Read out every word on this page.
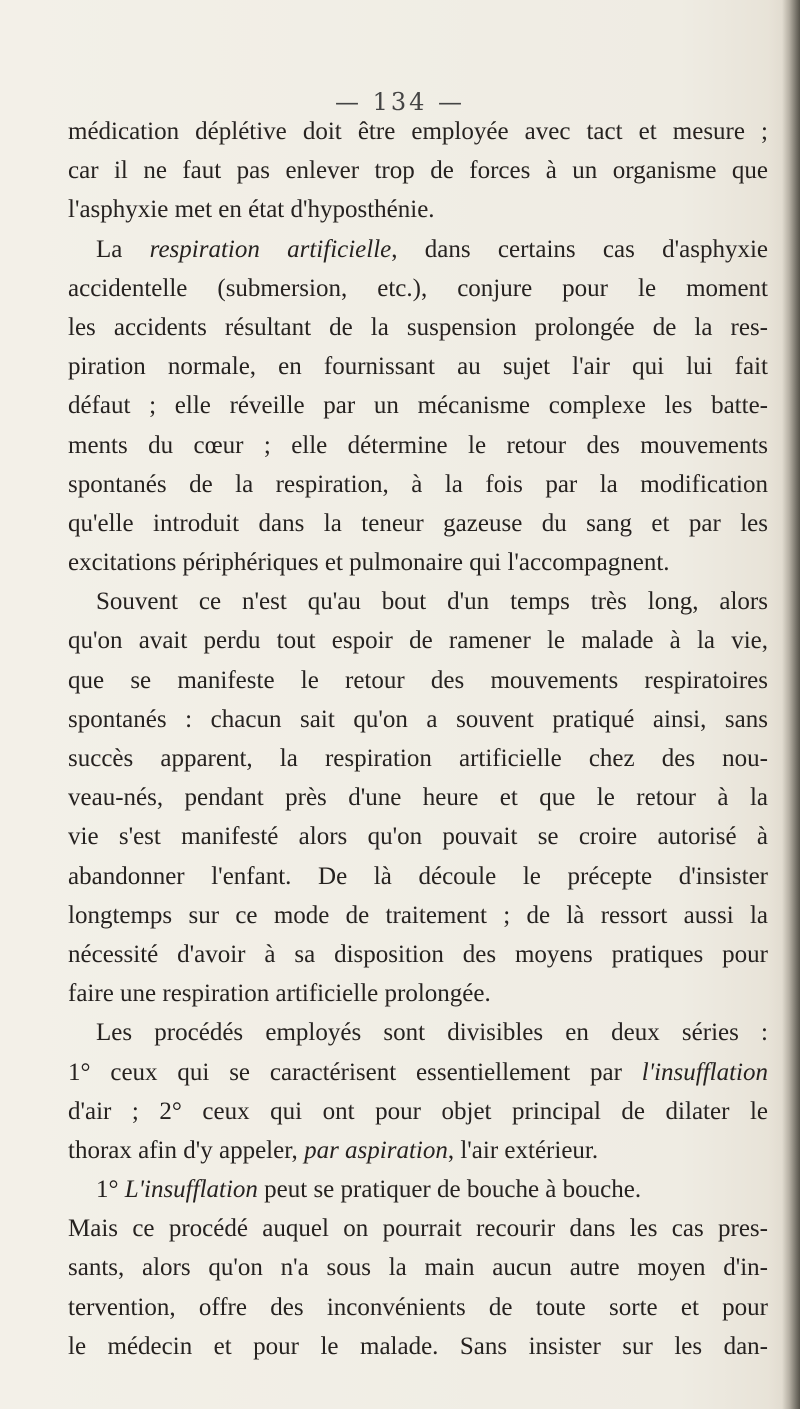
— 134 —
médication déplétive doit être employée avec tact et mesure ;
car il ne faut pas enlever trop de forces à un organisme que
l'asphyxie met en état d'hyposthénie.
La respiration artificielle, dans certains cas d'asphyxie
accidentelle (submersion, etc.), conjure pour le moment
les accidents résultant de la suspension prolongée de la res-
piration normale, en fournissant au sujet l'air qui lui fait
défaut ; elle réveille par un mécanisme complexe les batte-
ments du cœur ; elle détermine le retour des mouvements
spontanés de la respiration, à la fois par la modification
qu'elle introduit dans la teneur gazeuse du sang et par les
excitations périphériques et pulmonaire qui l'accompagnent.
Souvent ce n'est qu'au bout d'un temps très long, alors
qu'on avait perdu tout espoir de ramener le malade à la vie,
que se manifeste le retour des mouvements respiratoires
spontanés : chacun sait qu'on a souvent pratiqué ainsi, sans
succès apparent, la respiration artificielle chez des nou-
veau-nés, pendant près d'une heure et que le retour à la
vie s'est manifesté alors qu'on pouvait se croire autorisé à
abandonner l'enfant. De là découle le précepte d'insister
longtemps sur ce mode de traitement ; de là ressort aussi la
nécessité d'avoir à sa disposition des moyens pratiques pour
faire une respiration artificielle prolongée.
Les procédés employés sont divisibles en deux séries :
1° ceux qui se caractérisent essentiellement par l'insufflation
d'air ; 2° ceux qui ont pour objet principal de dilater le
thorax afin d'y appeler, par aspiration, l'air extérieur.
1° L'insufflation peut se pratiquer de bouche à bouche.
Mais ce procédé auquel on pourrait recourir dans les cas pres-
sants, alors qu'on n'a sous la main aucun autre moyen d'in-
tervention, offre des inconvénients de toute sorte et pour
le médecin et pour le malade. Sans insister sur les dan-
